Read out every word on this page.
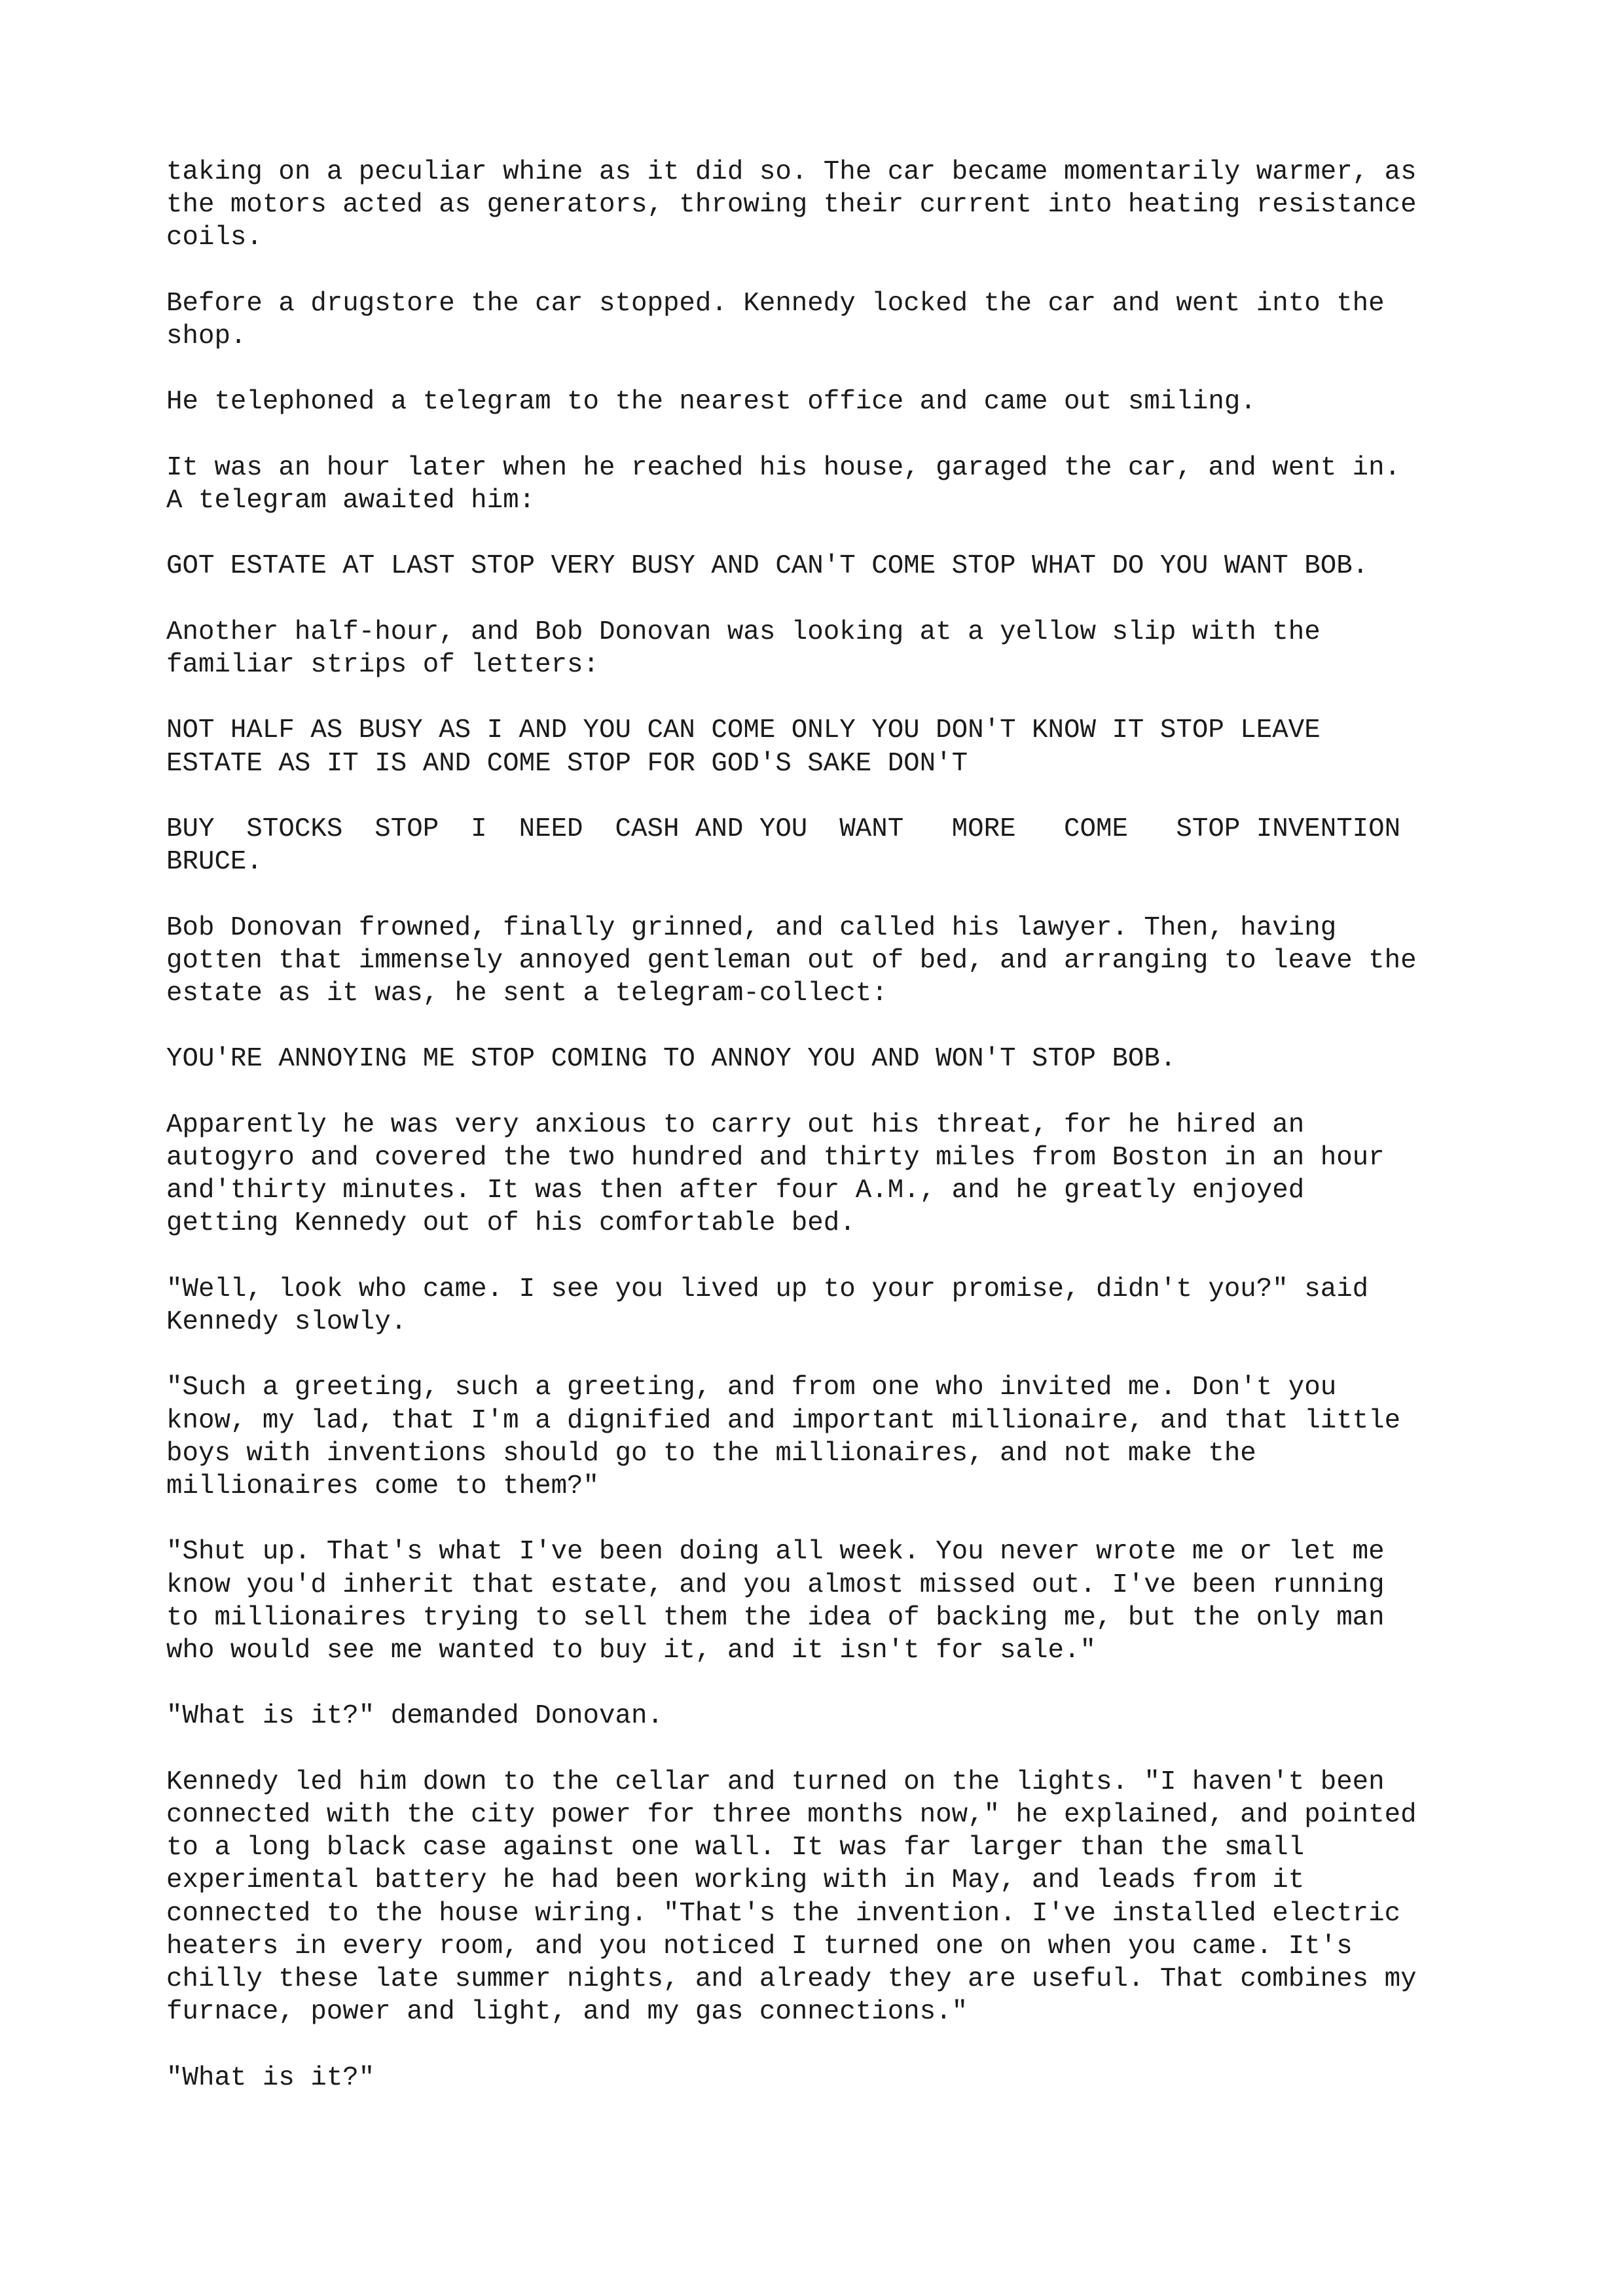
taking on a peculiar whine as it did so. The car became momentarily warmer, as
the motors acted as generators, throwing their current into heating resistance
coils.

Before a drugstore the car stopped. Kennedy locked the car and went into the
shop.

He telephoned a telegram to the nearest office and came out smiling.

It was an hour later when he reached his house, garaged the car, and went in.
A telegram awaited him:

GOT ESTATE AT LAST STOP VERY BUSY AND CAN'T COME STOP WHAT DO YOU WANT BOB.

Another half-hour, and Bob Donovan was looking at a yellow slip with the
familiar strips of letters:

NOT HALF AS BUSY AS I AND YOU CAN COME ONLY YOU DON'T KNOW IT STOP LEAVE
ESTATE AS IT IS AND COME STOP FOR GOD'S SAKE DON'T

BUY  STOCKS  STOP  I  NEED  CASH AND YOU  WANT   MORE   COME   STOP INVENTION
BRUCE.

Bob Donovan frowned, finally grinned, and called his lawyer. Then, having
gotten that immensely annoyed gentleman out of bed, and arranging to leave the
estate as it was, he sent a telegram-collect:

YOU'RE ANNOYING ME STOP COMING TO ANNOY YOU AND WON'T STOP BOB.

Apparently he was very anxious to carry out his threat, for he hired an
autogyro and covered the two hundred and thirty miles from Boston in an hour
and'thirty minutes. It was then after four A.M., and he greatly enjoyed
getting Kennedy out of his comfortable bed.

"Well, look who came. I see you lived up to your promise, didn't you?" said
Kennedy slowly.

"Such a greeting, such a greeting, and from one who invited me. Don't you
know, my lad, that I'm a dignified and important millionaire, and that little
boys with inventions should go to the millionaires, and not make the
millionaires come to them?"

"Shut up. That's what I've been doing all week. You never wrote me or let me
know you'd inherit that estate, and you almost missed out. I've been running
to millionaires trying to sell them the idea of backing me, but the only man
who would see me wanted to buy it, and it isn't for sale."

"What is it?" demanded Donovan.

Kennedy led him down to the cellar and turned on the lights. "I haven't been
connected with the city power for three months now," he explained, and pointed
to a long black case against one wall. It was far larger than the small
experimental battery he had been working with in May, and leads from it
connected to the house wiring. "That's the invention. I've installed electric
heaters in every room, and you noticed I turned one on when you came. It's
chilly these late summer nights, and already they are useful. That combines my
furnace, power and light, and my gas connections."

"What is it?"
